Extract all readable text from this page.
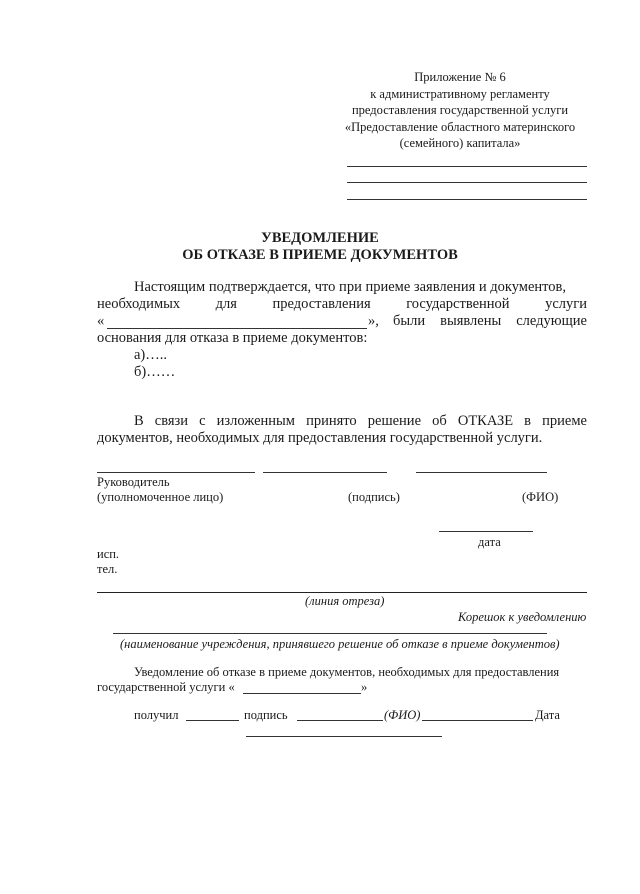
Приложение № 6
к административному регламенту
предоставления государственной услуги
«Предоставление областного материнского
(семейного) капитала»
УВЕДОМЛЕНИЕ
ОБ ОТКАЗЕ В ПРИЕМЕ ДОКУМЕНТОВ
Настоящим подтверждается, что при приеме заявления и документов,
необходимых для предоставления государственной услуги
«	», были выявлены следующие
основания для отказа в приеме документов:
а)…..
б)……
В связи с изложенным принято решение об ОТКАЗЕ в приеме
документов, необходимых для предоставления государственной услуги.
Руководитель
(уполномоченное лицо)	(подпись)	(ФИО)
дата
исп.
тел.
(линия отреза)
Корешок к уведомлению
(наименование учреждения, принявшего решение об отказе в приеме документов)
Уведомление об отказе в приеме документов, необходимых для предоставления
государственной услуги «	»
получил	подпись	(ФИО)	Дата
